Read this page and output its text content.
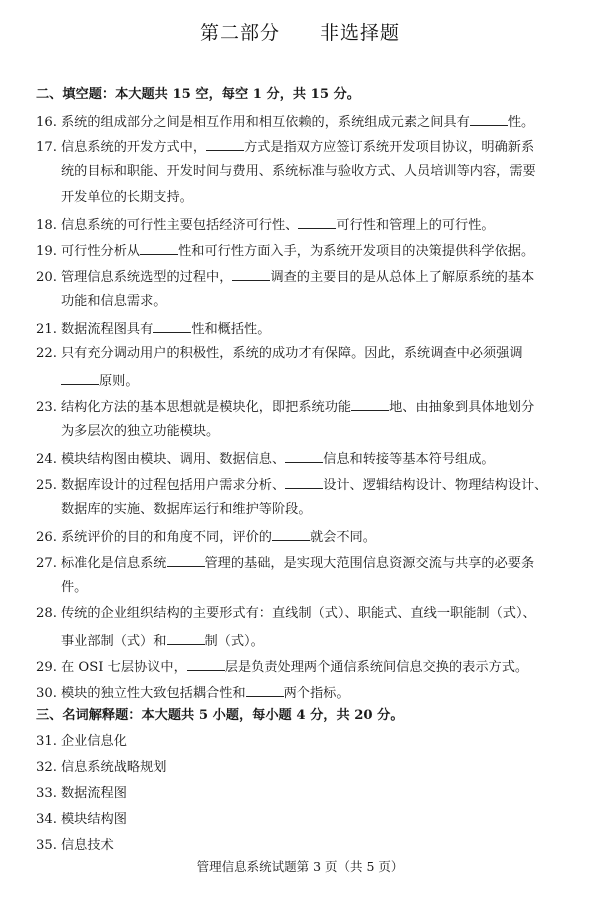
第二部分 非选择题
二、填空题：本大题共 15 空，每空 1 分，共 15 分。
16. 系统的组成部分之间是相互作用和相互依赖的，系统组成元素之间具有	性。
17. 信息系统的开发方式中，	方式是指双方应签订系统开发项目协议，明确新系
统的目标和职能、开发时间与费用、系统标准与验收方式、人员培训等内容，需要
开发单位的长期支持。
18. 信息系统的可行性主要包括经济可行性、	可行性和管理上的可行性。
19. 可行性分析从	性和可行性方面入手，为系统开发项目的决策提供科学依据。
20. 管理信息系统选型的过程中，	调查的主要目的是从总体上了解原系统的基本
功能和信息需求。
21. 数据流程图具有	性和概括性。
22. 只有充分调动用户的积极性，系统的成功才有保障。因此，系统调查中必须强调
原则。
23. 结构化方法的基本思想就是模块化，即把系统功能	地、由抽象到具体地划分
为多层次的独立功能模块。
24. 模块结构图由模块、调用、数据信息、	信息和转接等基本符号组成。
25. 数据库设计的过程包括用户需求分析、	设计、逻辑结构设计、物理结构设计、
数据库的实施、数据库运行和维护等阶段。
26. 系统评价的目的和角度不同，评价的	就会不同。
27. 标准化是信息系统	管理的基础，是实现大范围信息资源交流与共享的必要条
件。
28. 传统的企业组织结构的主要形式有：直线制（式）、职能式、直线一职能制（式）、
事业部制（式）和	制（式）。
29. 在 OSI 七层协议中，	层是负责处理两个通信系统间信息交换的表示方式。
30. 模块的独立性大致包括耦合性和	两个指标。
三、名词解释题：本大题共 5 小题，每小题 4 分，共 20 分。
31. 企业信息化
32. 信息系统战略规划
33. 数据流程图
34. 模块结构图
35. 信息技术
管理信息系统试题第 3 页（共 5 页）
